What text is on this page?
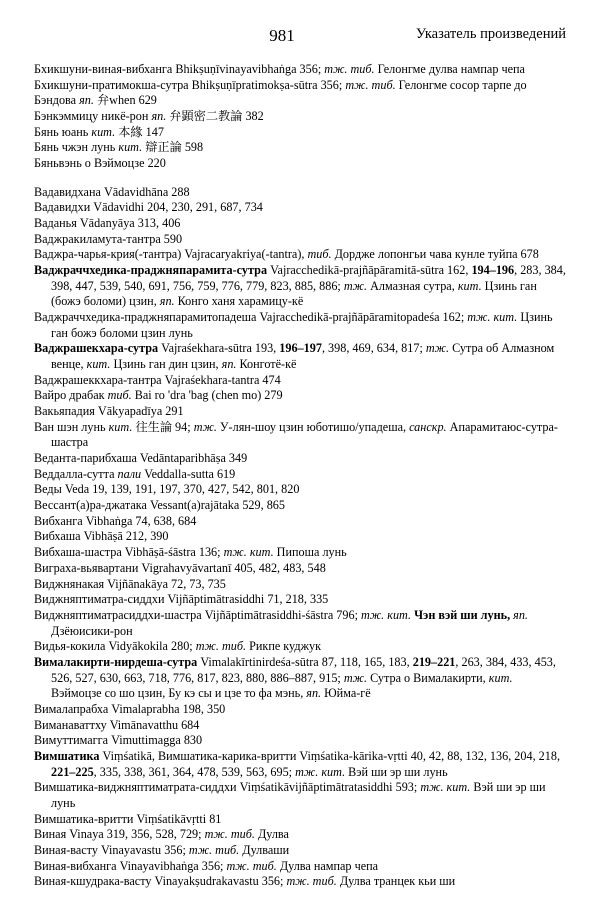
981	Указатель произведений

Бхикшуни-виная-вибханга Bhikṣuṇīvinayavibhaṅga 356; тж. тиб. Гелонгме дулва нампар чепа

Бхикшуни-пратимокша-сутра Bhikṣuṇīpratimokṣa-sūtra 356; тж. тиб. Гелонгме сосор тарпе до

Бэндова яп. 弁when 629

Бэнкэммицу никё-рон яп. 弁顕密二教論 382

Бянь юань кит. 本緣 147

Бянь чжэн лунь кит. 辯正論 598

Бяньвэнь о Вэймоцзе 220

Вадавидхана Vādavidhāna 288

Вадавидхи Vādavidhi 204, 230, 291, 687, 734

Ваданья Vādanyāya 313, 406

Ваджракиламута-тантра 590

Ваджра-чарья-крия(-тантра) Vajracaryakriya(-tantra), тиб. Дордже лопонгьи чава кунле туйпа 678

Ваджраччхедика-праджняпарамита-сутра Vajracchedikā-prajñāpāramitā-sūtra 162, 194–196, 283, 384, 398, 447, 539, 540, 691, 756, 759, 776, 779, 823, 885, 886; тж. Алмазная сутра, кит. Цзинь ган (божэ боломи) цзин, яп. Конго ханя харамицу-кё

Ваджраччхедика-праджняпарамитопадеша Vajracchedikā-prajñāpāramitopadeśa 162; тж. кит. Цзинь ган божэ боломи цзин лунь

Ваджрашекхара-сутра Vajraśekhara-sūtra 193, 196–197, 398, 469, 634, 817; тж. Сутра об Алмазном венце, кит. Цзинь ган дин цзин, яп. Конготё-кё

Ваджрашеккхара-тантра Vajraśekhara-tantra 474

Вайро драбак тиб. Bai ro 'dra 'bag (chen mo) 279

Вакьяпадия Vākyapadīya 291

Ван шэн лунь кит. 往生論 94; тж. У-лян-шоу цзин юботишо/упадеша, санскр. Апарамитаюс-сутра-шастра

Веданта-парибхаша Vedāntaparibhāṣa 349

Веддалла-сутта пали Veddalla-sutta 619

Веды Veda 19, 139, 191, 197, 370, 427, 542, 801, 820

Вессант(а)ра-джатака Vessant(a)rajātaka 529, 865

Вибханга Vibhaṅga 74, 638, 684

Вибхаша Vibhāṣā 212, 390

Вибхаша-шастра Vibhāṣā-śāstra 136; тж. кит. Пипоша лунь

Виграха-вьявартани Vigrahavyāvartanī 405, 482, 483, 548

Виджнянакая Vijñānakāya 72, 73, 735

Виджняптиматра-сиддхи Vijñāptimātrasiddhi 71, 218, 335

Виджняптиматрасиддхи-шастра Vijñāptimātrasiddhi-śāstra 796; тж. кит. Чэн вэй ши лунь, яп. Дзёюисики-рон

Видья-кокила Vidyākokila 280; тж. тиб. Рикпе куджук

Вималакирти-нирдеша-сутра Vimalakīrtinirdeśa-sūtra 87, 118, 165, 183, 219–221, 263, 384, 433, 453, 526, 527, 630, 663, 718, 776, 817, 823, 880, 886–887, 915; тж. Сутра о Вималакирти, кит. Вэймоцзе со шо цзин, Бу кэ сы и цзе то фа мэнь, яп. Юйма-гё

Вималапрабха Vimalaprabha 198, 350

Виманаваттху Vimānavatthu 684

Вимуттимагга Vimuttimagga 830

Вимшатика Viṃśatikā, Вимшатика-карика-вритти Viṃśatika-kārika-vṛtti 40, 42, 88, 132, 136, 204, 218, 221–225, 335, 338, 361, 364, 478, 539, 563, 695; тж. кит. Вэй ши эр ши лунь

Вимшатика-виджняптиматрата-сиддхи Viṃśatikāvijñāptimātratasiddhi 593; тж. кит. Вэй ши эр ши лунь

Вимшатика-вритти Viṃśatikāvṛtti 81

Виная Vinaya 319, 356, 528, 729; тж. тиб. Дулва

Виная-васту Vinayavastu 356; тж. тиб. Дулваши

Виная-вибханга Vinayavibhaṅga 356; тж. тиб. Дулва нампар чепа

Виная-кшудрака-васту Vinayakṣudrakavastu 356; тж. тиб. Дулва транцек кьи ши
